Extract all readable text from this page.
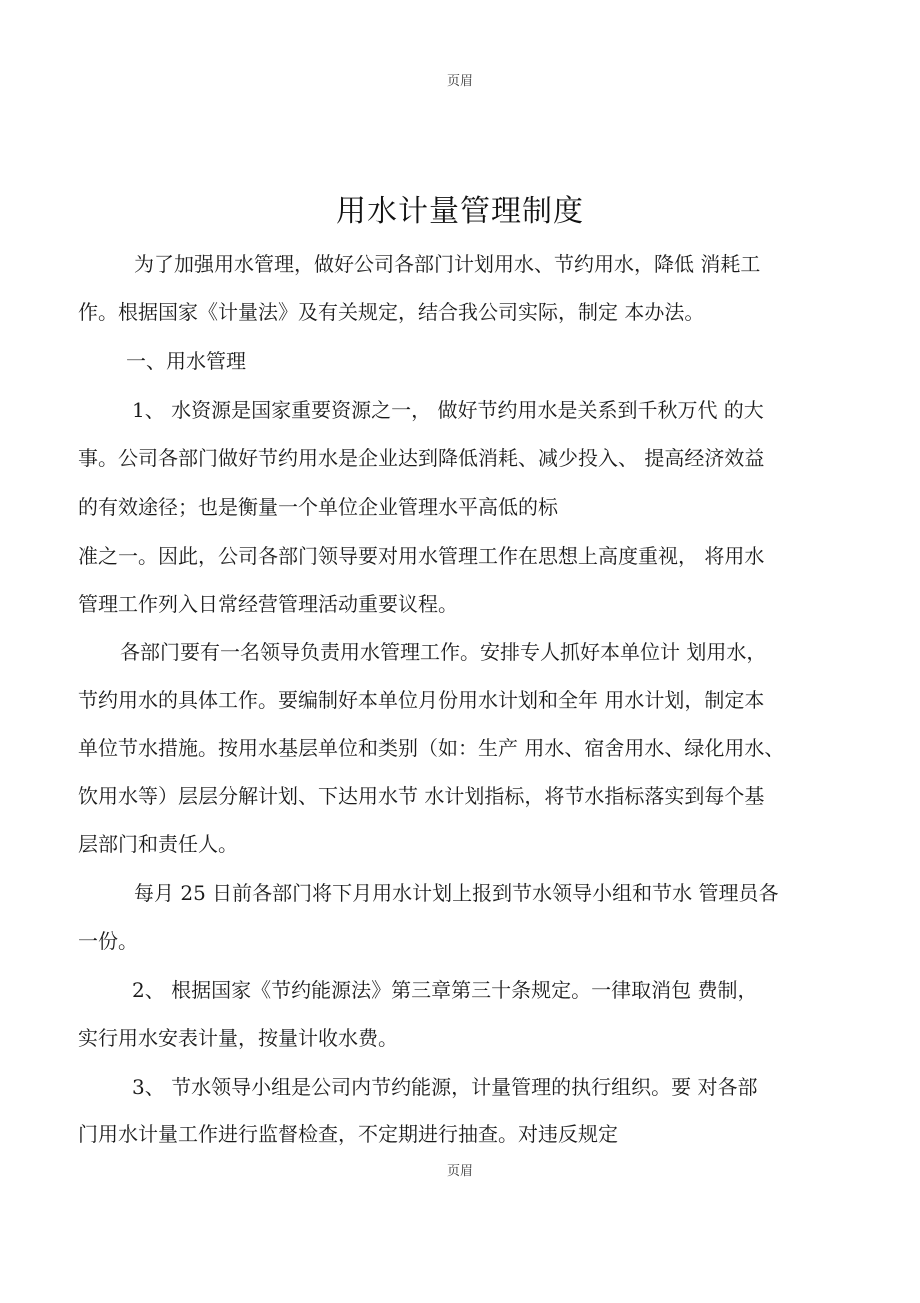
页眉
用水计量管理制度
为了加强用水管理，做好公司各部门计划用水、节约用水，降低 消耗工
作。根据国家《计量法》及有关规定，结合我公司实际，制定 本办法。
一、用水管理
1、 水资源是国家重要资源之一， 做好节约用水是关系到千秋万代 的大
事。公司各部门做好节约用水是企业达到降低消耗、减少投入、 提高经济效益
的有效途径；也是衡量一个单位企业管理水平高低的标
准之一。因此，公司各部门领导要对用水管理工作在思想上高度重视， 将用水
管理工作列入日常经营管理活动重要议程。
各部门要有一名领导负责用水管理工作。安排专人抓好本单位计 划用水，
节约用水的具体工作。要编制好本单位月份用水计划和全年 用水计划，制定本
单位节水措施。按用水基层单位和类别（如：生产 用水、宿舍用水、绿化用水、
饮用水等）层层分解计划、下达用水节 水计划指标，将节水指标落实到每个基
层部门和责任人。
每月 25 日前各部门将下月用水计划上报到节水领导小组和节水 管理员各
一份。
2、 根据国家《节约能源法》第三章第三十条规定。一律取消包 费制，
实行用水安表计量，按量计收水费。
3、 节水领导小组是公司内节约能源，计量管理的执行组织。要 对各部
门用水计量工作进行监督检查，不定期进行抽查。对违反规定
页眉
